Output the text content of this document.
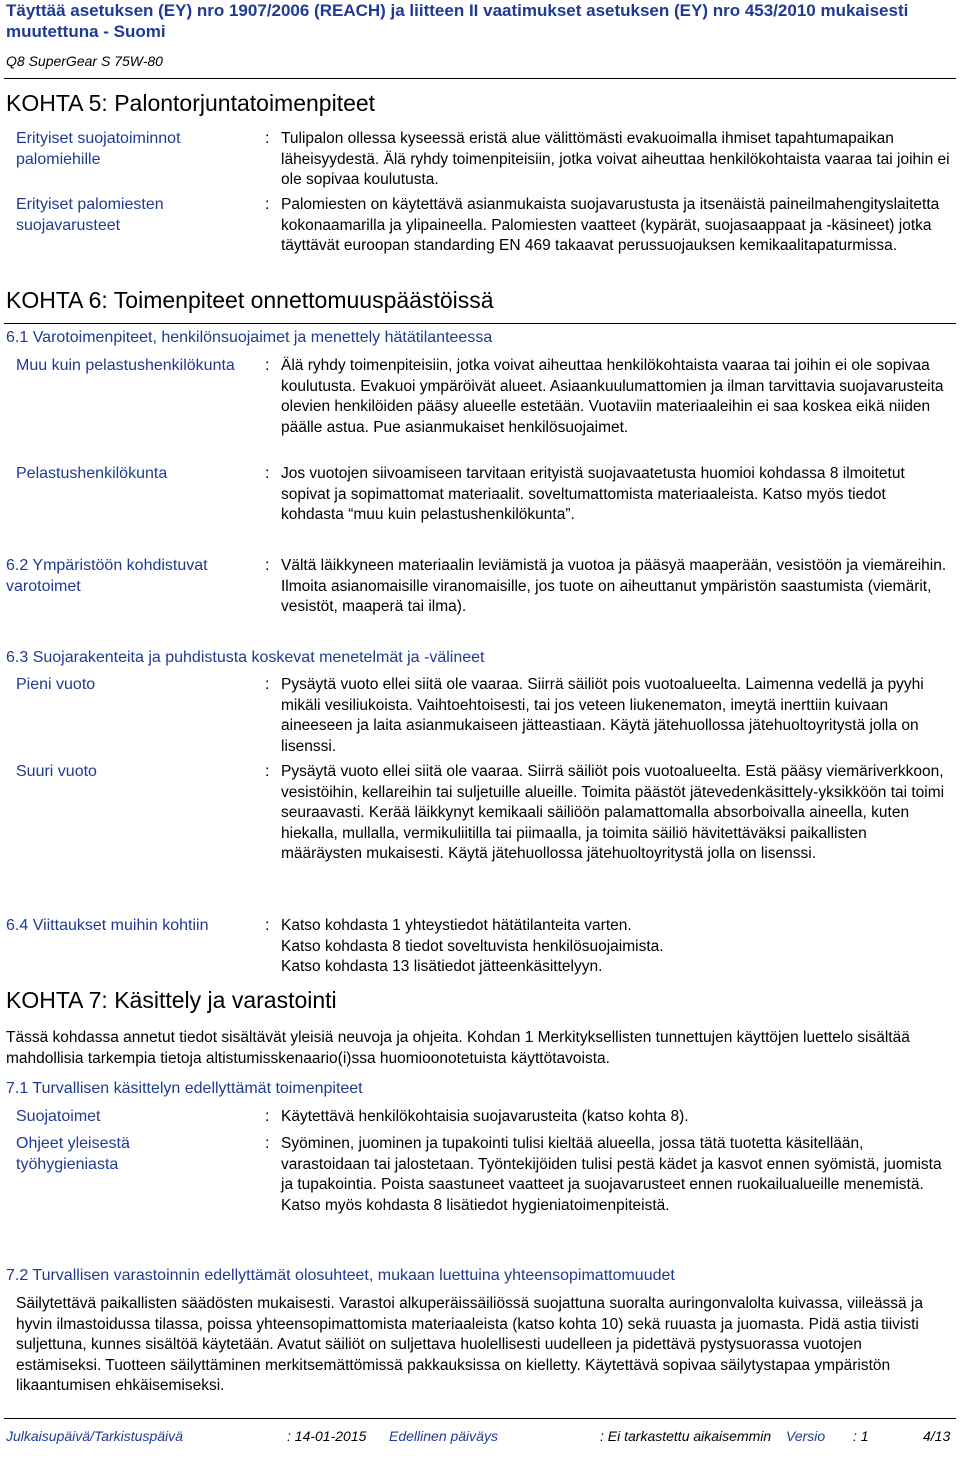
Täyttää asetuksen (EY) nro 1907/2006 (REACH) ja liitteen II vaatimukset asetuksen (EY) nro 453/2010 mukaisesti muutettuna - Suomi
Q8 SuperGear S 75W-80
KOHTA 5: Palontorjuntatoimenpiteet
Erityiset suojatoiminnot palomiehille
: Tulipalon ollessa kyseessä eristä alue välittömästi evakuoimalla ihmiset tapahtumapaikan läheisyydestä. Älä ryhdy toimenpiteisiin, jotka voivat aiheuttaa henkilökohtaista vaaraa tai joihin ei ole sopivaa koulutusta.
Erityiset palomiesten suojavarusteet
: Palomiesten on käytettävä asianmukaista suojavarustusta ja itsenäistä paineilmahengityslaitetta kokonaamarilla ja ylipaineella. Palomiesten vaatteet (kypärät, suojasaappaat ja -käsineet) jotka täyttävät euroopan standarding EN 469 takaavat perussuojauksen kemikaalitapaturmissa.
KOHTA 6: Toimenpiteet onnettomuuspäästöissä
6.1 Varotoimenpiteet, henkilönsuojaimet ja menettely hätätilanteessa
Muu kuin pelastushenkilökunta	: Älä ryhdy toimenpiteisiin, jotka voivat aiheuttaa henkilökohtaista vaaraa tai joihin ei ole sopivaa koulutusta. Evakuoi ympäröivät alueet. Asiaankuulumattomien ja ilman tarvittavia suojavarusteita olevien henkilöiden pääsy alueelle estetään. Vuotaviin materiaaleihin ei saa koskea eikä niiden päälle astua. Pue asianmukaiset henkilösuojaimet.
Pelastushenkilökunta	: Jos vuotojen siivoamiseen tarvitaan erityistä suojavaatetusta huomioi kohdassa 8 ilmoitetut sopivat ja sopimattomat materiaalit. soveltumattomista materiaaleista. Katso myös tiedot kohdasta “muu kuin pelastushenkilökunta”.
6.2 Ympäristöön kohdistuvat varotoimet
: Vältä läikkyneen materiaalin leviämistä ja vuotoa ja pääsyä maaperään, vesistöön ja viemäreihin. Ilmoita asianomaisille viranomaisille, jos tuote on aiheuttanut ympäristön saastumista (viemärit, vesistöt, maaperä tai ilma).
6.3 Suojarakenteita ja puhdistusta koskevat menetelmät ja -välineet
Pieni vuoto	: Pysäytä vuoto ellei siitä ole vaaraa. Siirrä säiliöt pois vuotoalueelta. Laimenna vedellä ja pyyhi mikäli vesiliukoista. Vaihtoehtoisesti, tai jos veteen liukenematon, imeytä inerttiin kuivaan aineeseen ja laita asianmukaiseen jätteastiaan. Käytä jätehuollossa jätehuoltoyritystä jolla on lisenssi.
Suuri vuoto	: Pysäytä vuoto ellei siitä ole vaaraa. Siirrä säiliöt pois vuotoalueelta. Estä pääsy viemäriverkkoon, vesistöihin, kellareihin tai suljetuille alueille. Toimita päästöt jätevedenkäsittely-yksikköön tai toimi seuraavasti. Kerää läikkynyt kemikaali säiliöön palamattomalla absorboivalla aineella, kuten hiekalla, mullalla, vermikuliitilla tai piimaalla, ja toimita säiliö hävitettäväksi paikallisten määräysten mukaisesti. Käytä jätehuollossa jätehuoltoyritystä jolla on lisenssi.
6.4 Viittaukset muihin kohtiin	: Katso kohdasta 1 yhteystiedot hätätilanteita varten.
Katso kohdasta 8 tiedot soveltuvista henkilösuojaimista.
Katso kohdasta 13 lisätiedot jätteenkäsittelyyn.
KOHTA 7: Käsittely ja varastointi
Tässä kohdassa annetut tiedot sisältävät yleisiä neuvoja ja ohjeita. Kohdan 1 Merkityksellisten tunnettujen käyttöjen luettelo sisältää mahdollisia tarkempia tietoja altistumisskenaario(i)ssa huomioonotetuista käyttötavoista.
7.1 Turvallisen käsittelyn edellyttämät toimenpiteet
Suojatoimet	: Käytettävä henkilökohtaisia suojavarusteita (katso kohta 8).
Ohjeet yleisestä työhygieniasta
: Syöminen, juominen ja tupakointi tulisi kieltää alueella, jossa tätä tuotetta käsitellään, varastoidaan tai jalostetaan. Työntekijöiden tulisi pestä kädet ja kasvot ennen syömistä, juomista ja tupakointia. Poista saastuneet vaatteet ja suojavarusteet ennen ruokailualueille menemistä. Katso myös kohdasta 8 lisätiedot hygieniatoimenpiteistä.
7.2 Turvallisen varastoinnin edellyttämät olosuhteet, mukaan luettuina yhteensopimattomuudet
Säilytettävä paikallisten säädösten mukaisesti. Varastoi alkuperäissäiliössä suojattuna suoralta auringonvalolta kuivassa, viileässä ja hyvin ilmastoidussa tilassa, poissa yhteensopimattomista materiaaleista (katso kohta 10) sekä ruuasta ja juomasta. Pidä astia tiivisti suljettuna, kunnes sisältöä käytetään. Avatut säiliöt on suljettava huolellisesti uudelleen ja pidettävä pystysuorassa vuotojen estämiseksi. Tuotteen säilyttäminen merkitsemättömissä pakkauksissa on kielletty. Käytettävä sopivaa säilytystapaa ympäristön likaantumisen ehkäisemiseksi.
Julkaisupäivä/Tarkistuspäivä	: 14-01-2015 Edellinen päiväys	: Ei tarkastettu aikaisemmin Versio : 1	4/13
